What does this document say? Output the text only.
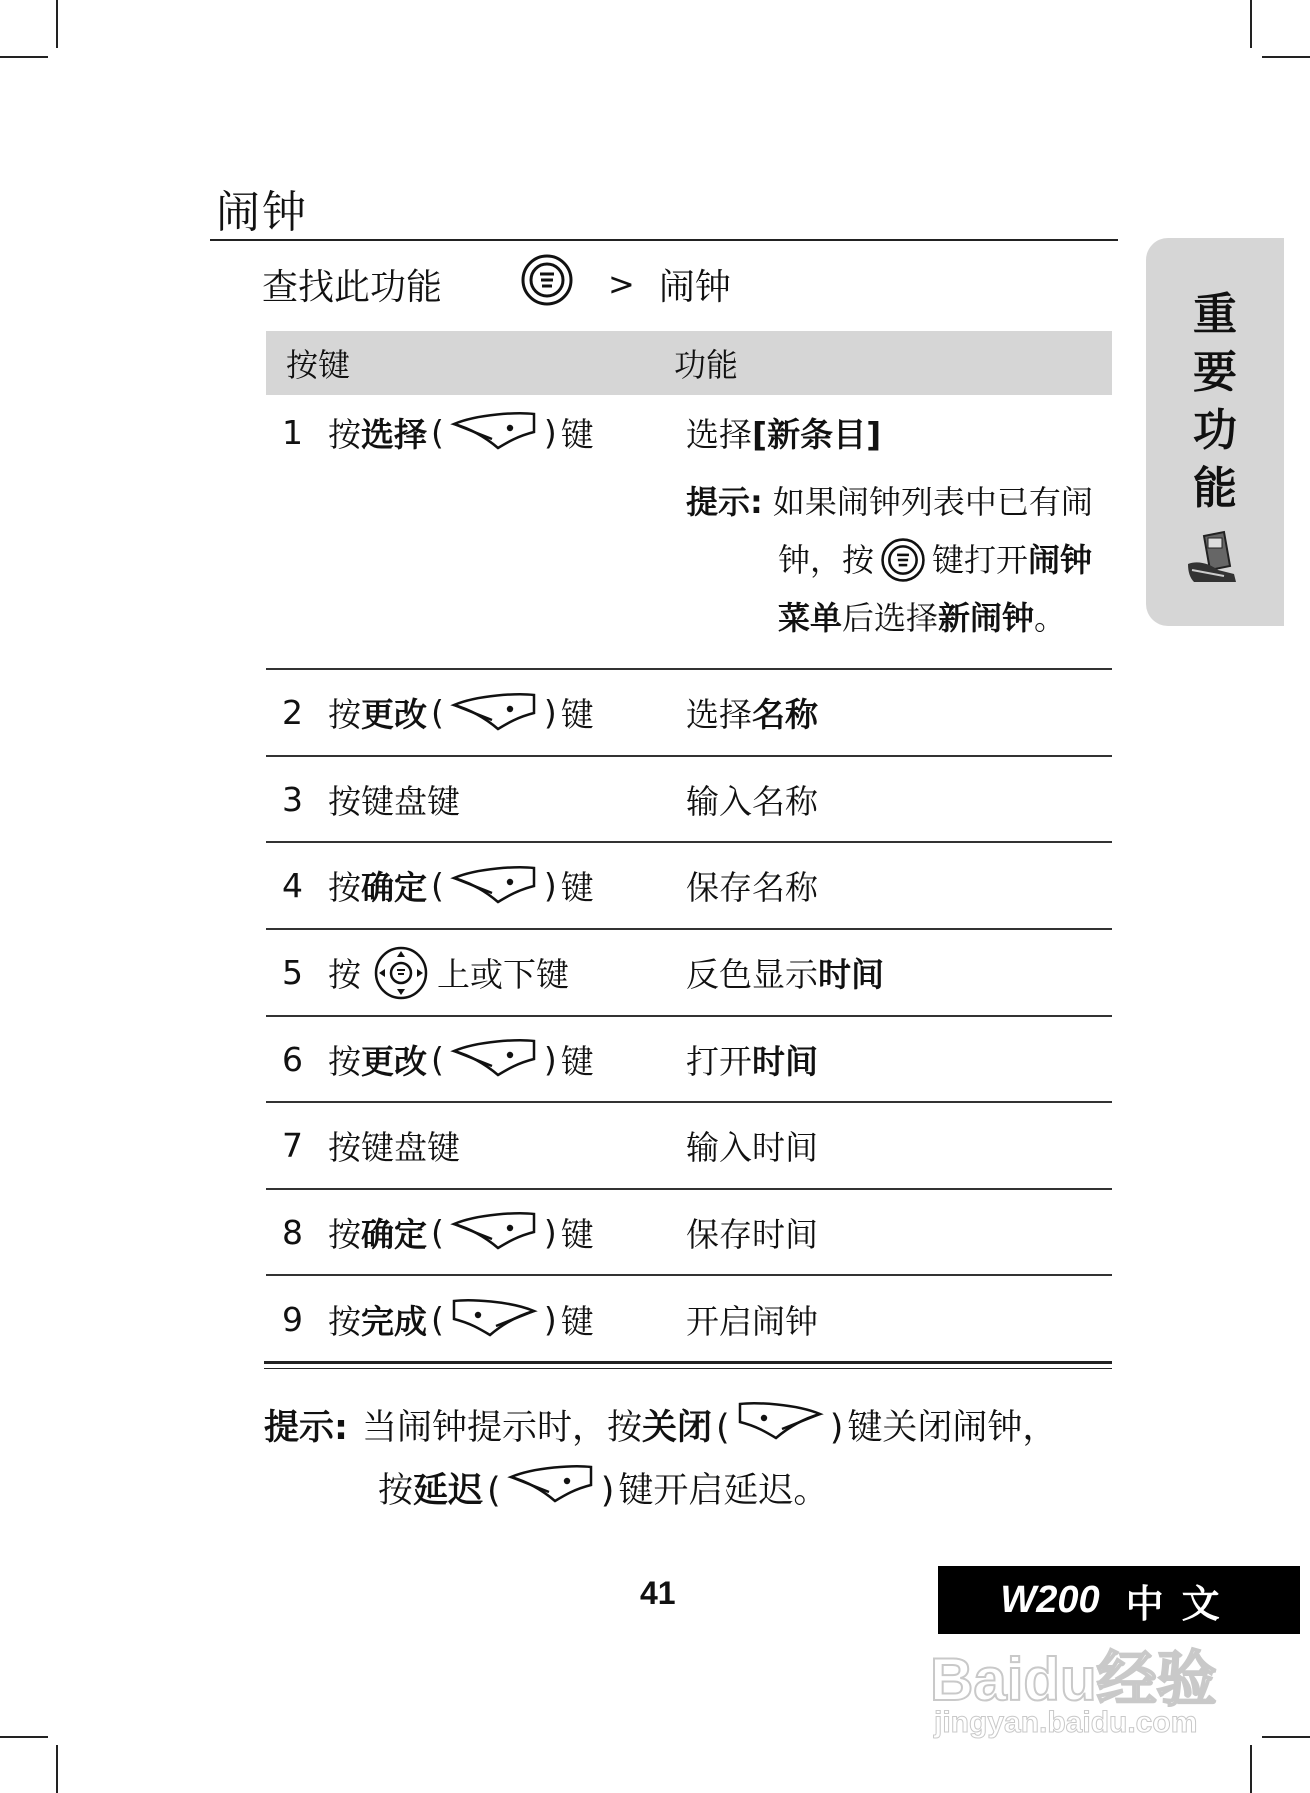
闹钟
查找此功能	> 闹钟
按键	功能
1 按 选择 (	) 键	选择 [新条目]
提示: 如果闹钟列表中已有闹
钟，按 键打开 闹钟
菜单后选择新闹钟。
2 按 更改 (	) 键	选择 名称
3 按键盘键	输入名称
4 按 确定 (	) 键	保存名称
5 按 上或下键	反色显示 时间
6 按 更改 (	) 键	打开 时间
7 按键盘键	输入时间
8 按 确定 (	) 键	保存时间
9 按 完成 (	) 键	开启闹钟
提示: 当闹钟提示时，按 关闭 (	) 键关闭闹钟，
按 延迟 (	) 键开启延迟。
41
重
要
功
能
W200 中文
Baidu经验
jingyan.baidu.com
